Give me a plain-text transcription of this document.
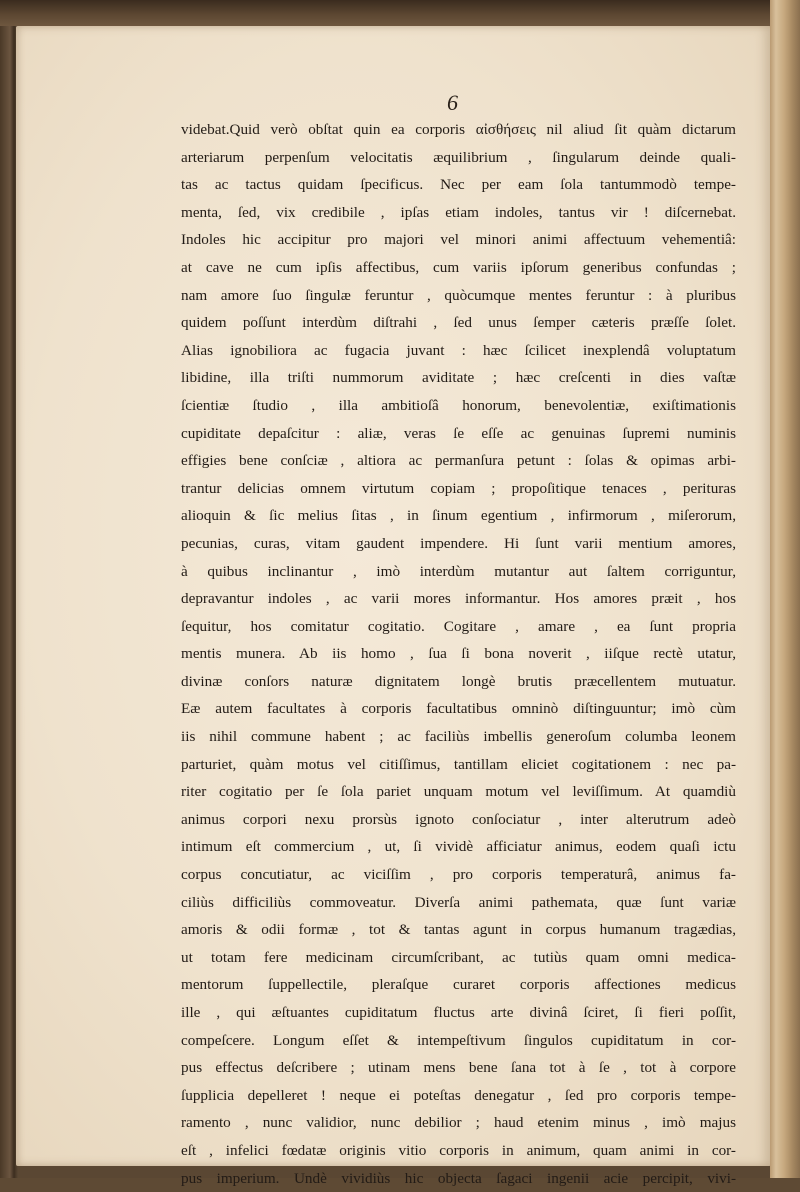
6
videbat.Quid verò obſtat quin ea corporis αἰσθήσεις nil aliud ſit quàm dictarum
arteriarum perpenſum velocitatis æquilibrium , ſingularum deinde quali-
tas ac tactus quidam ſpecificus. Nec per eam ſola tantummodò tempe-
menta, ſed, vix credibile , ipſas etiam indoles, tantus vir ! diſcernebat.
Indoles hic accipitur pro majori vel minori animi affectuum vehementiâ:
at cave ne cum ipſis affectibus, cum variis ipſorum generibus confundas ;
nam amore ſuo ſingulæ feruntur , quòcumque mentes feruntur : à pluribus
quidem poſſunt interdùm diſtrahi , ſed unus ſemper cæteris præſſe ſolet.
Alias ignobiliora ac fugacia juvant : hæc ſcilicet inexplendâ voluptatum
libidine, illa triſti nummorum aviditate ; hæc creſcenti in dies vaſtæ
ſcientiæ ſtudio , illa ambitioſâ honorum, benevolentiæ, exiſtimationis
cupiditate depaſcitur : aliæ, veras ſe eſſe ac genuinas ſupremi numinis
effigies bene conſciæ , altiora ac permanſura petunt : ſolas & opimas arbi-
trantur delicias omnem virtutum copiam ; propoſitique tenaces , perituras
alioquin & ſic melius ſitas , in ſinum egentium , infirmorum , miſerorum,
pecunias, curas, vitam gaudent impendere. Hi ſunt varii mentium amores,
à quibus inclinantur , imò interdùm mutantur aut ſaltem corriguntur,
depravantur indoles , ac varii mores informantur. Hos amores præit , hos
ſequitur, hos comitatur cogitatio. Cogitare , amare , ea ſunt propria
mentis munera. Ab iis homo , ſua ſi bona noverit , iiſque rectè utatur,
divinæ conſors naturæ dignitatem longè brutis præcellentem mutuatur.
Eæ autem facultates à corporis facultatibus omninò diſtinguuntur; imò cùm
iis nihil commune habent ; ac faciliùs imbellis generoſum columba leonem
parturiet, quàm motus vel citiſſimus, tantillam eliciet cogitationem : nec pa-
riter cogitatio per ſe ſola pariet unquam motum vel leviſſimum. At quamdiù
animus corpori nexu prorsùs ignoto conſociatur , inter alterutrum adeò
intimum eſt commercium , ut, ſi vividè afficiatur animus, eodem quaſi ictu
corpus concutiatur, ac viciſſim , pro corporis temperaturâ, animus fa-
ciliùs difficiliùs commoveatur. Diverſa animi pathemata, quæ ſunt variæ
amoris & odii formæ , tot & tantas agunt in corpus humanum tragædias,
ut totam fere medicinam circumſcribant, ac tutiùs quam omni medica-
mentorum ſuppellectile, pleraſque curaret corporis affectiones medicus
ille , qui æſtuantes cupiditatum fluctus arte divinâ ſciret, ſi fieri poſſit,
compeſcere. Longum eſſet & intempeſtivum ſingulos cupiditatum in cor-
pus effectus deſcribere ; utinam mens bene ſana tot à ſe , tot à corpore
ſupplicia depelleret ! neque ei poteſtas denegatur , ſed pro corporis tempe-
ramento , nunc validior, nunc debilior ; haud etenim minus , imò majus
eſt , infelici fœdatæ originis vitio corporis in animum, quam animi in cor-
pus imperium. Undè vividiùs hic objecta ſagaci ingenii acie percipit, vivi-
